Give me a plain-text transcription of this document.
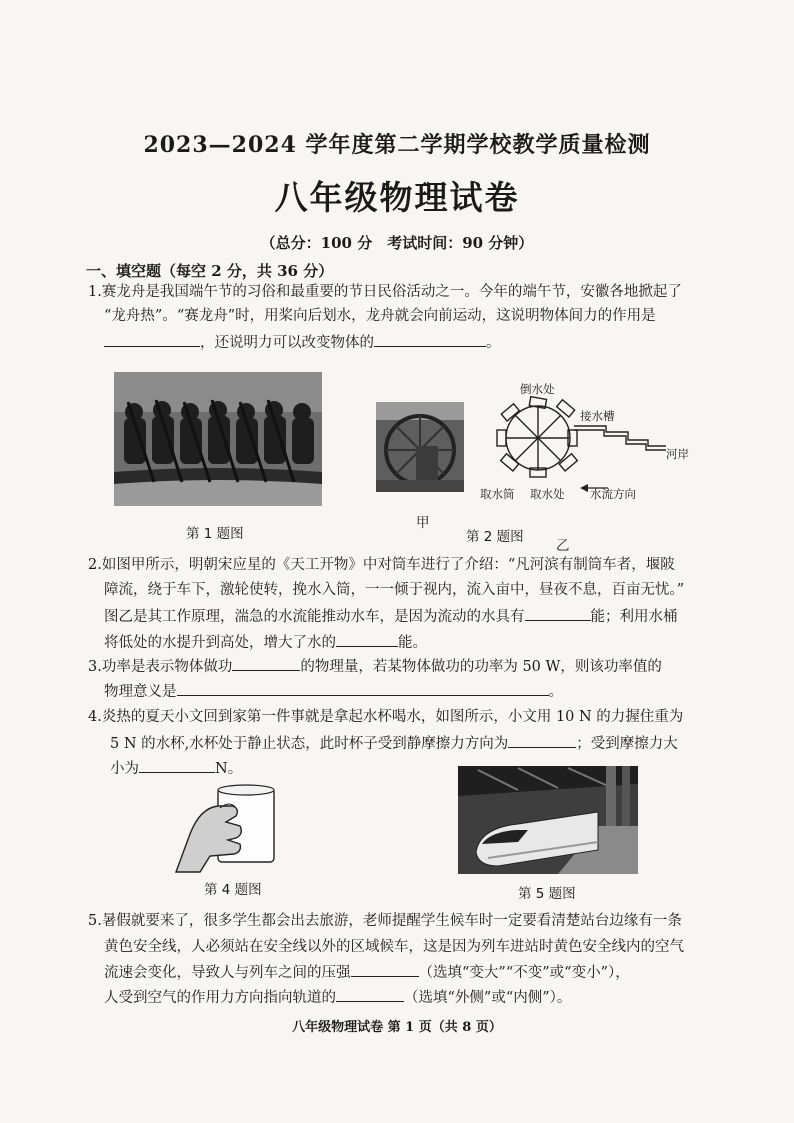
2023—2024 学年度第二学期学校教学质量检测
八年级物理试卷
（总分：100 分　考试时间：90 分钟）
一、填空题（每空 2 分，共 36 分）
1.赛龙舟是我国端午节的习俗和最重要的节日民俗活动之一。今年的端午节，安徽各地掀起了
“龙舟热”。“赛龙舟”时，用桨向后划水，龙舟就会向前运动，这说明物体间力的作用是
，还说明力可以改变物体的	。
第 1 题图
甲
倒水处
接水槽
河岸
取水筒 取水处 水流方向
第 2 题图
乙
2.如图甲所示，明朝宋应星的《天工开物》中对筒车进行了介绍：“凡河滨有制筒车者，堰陂
障流，绕于车下，激轮使转，挽水入筒，一一倾于视内，流入亩中，昼夜不息，百亩无忧。”
图乙是其工作原理，湍急的水流能推动水车，是因为流动的水具有	能；利用水桶
将低处的水提升到高处，增大了水的	能。
3.功率是表示物体做功	的物理量，若某物体做功的功率为 50 W，则该功率值的
物理意义是	。
4.炎热的夏天小文回到家第一件事就是拿起水杯喝水，如图所示，小文用 10 N 的力握住重为
5 N 的水杯,水杯处于静止状态，此时杯子受到静摩擦力方向为	；受到摩擦力大
小为	N。
第 4 题图	第 5 题图
5.暑假就要来了，很多学生都会出去旅游，老师提醒学生候车时一定要看清楚站台边缘有一条
黄色安全线，人必须站在安全线以外的区域候车，这是因为列车进站时黄色安全线内的空气
流速会变化，导致人与列车之间的压强	（选填“变大”“不变”或“变小”），
人受到空气的作用力方向指向轨道的	（选填“外侧”或“内侧”）。
八年级物理试卷 第 1 页（共 8 页）
